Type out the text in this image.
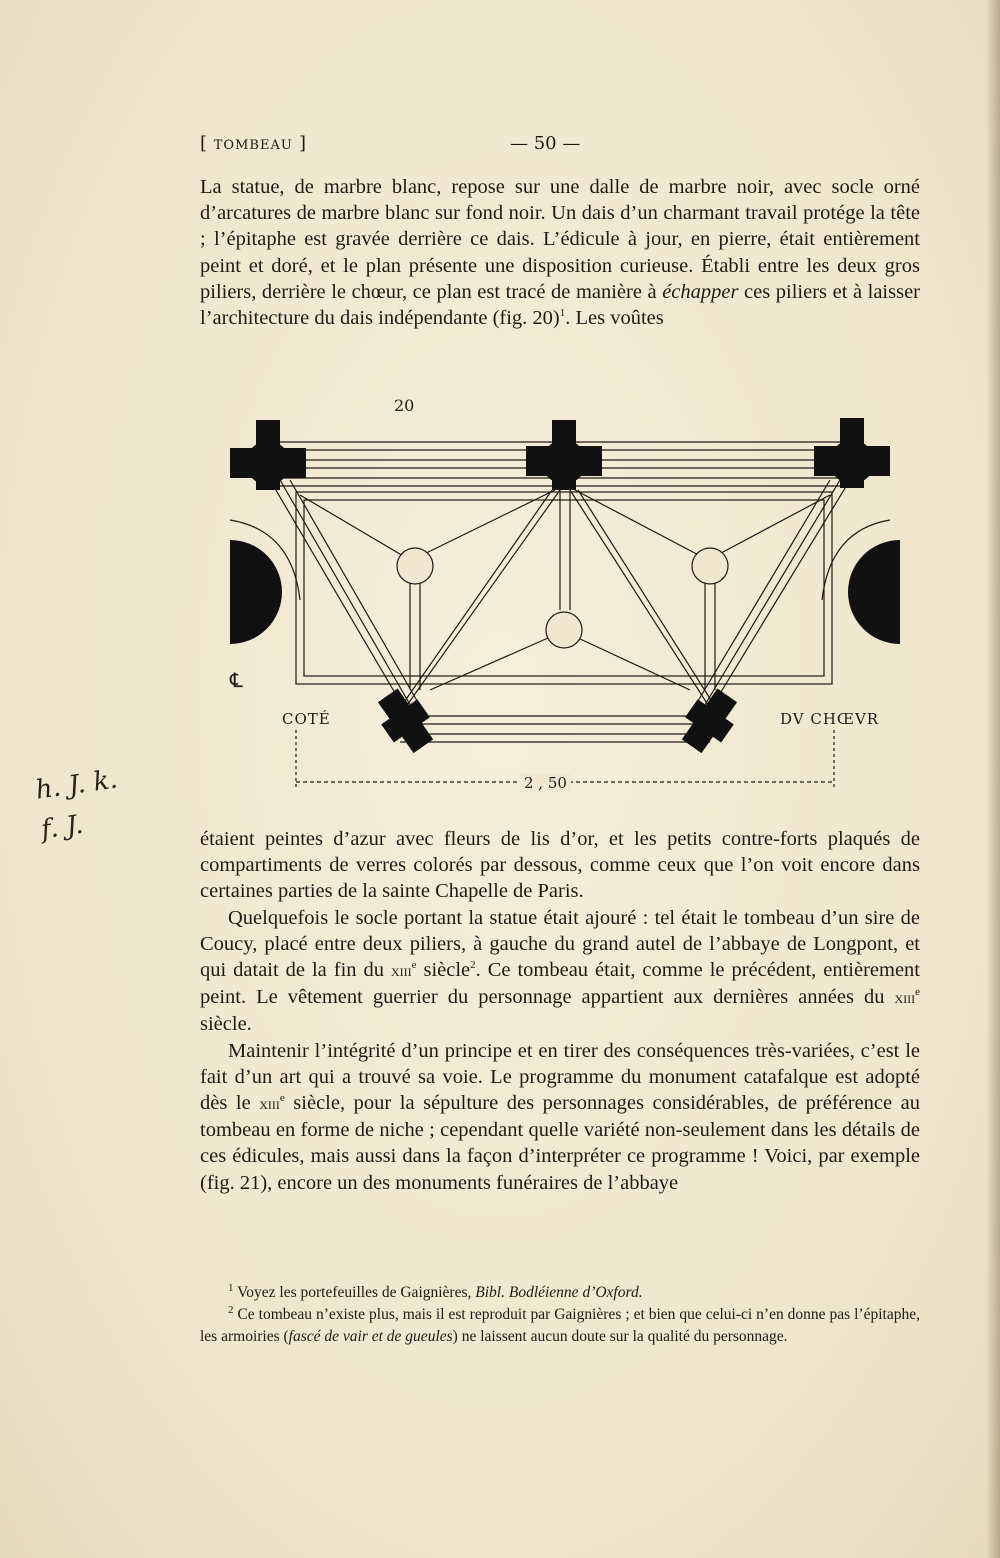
[ TOMBEAU ]	— 50 —

La statue, de marbre blanc, repose sur une dalle de marbre noir, avec socle orné d’arcatures de marbre blanc sur fond noir. Un dais d’un charmant travail protége la tête ; l’épitaphe est gravée derrière ce dais. L’édicule à jour, en pierre, était entièrement peint et doré, et le plan présente une disposition curieuse. Établi entre les deux gros piliers, derrière le chœur, ce plan est tracé de manière à échapper ces piliers et à laisser l’architecture du dais indépendante (fig. 20)$^1$. Les voûtes

20
℄
COTÉ	DV CHŒVR
2 , 50
h. J. k.
f. J.	étaient peintes d’azur avec fleurs de lis d’or, et les petits contre-forts plaqués de compartiments de verres colorés par dessous, comme ceux que l’on voit encore dans certaines parties de la sainte Chapelle de Paris.

Quelquefois le socle portant la statue était ajouré : tel était le tombeau d’un sire de Coucy, placé entre deux piliers, à gauche du grand autel de l’abbaye de Longpont, et qui datait de la fin du xiii$^e$ siècle$^2$. Ce tombeau était, comme le précédent, entièrement peint. Le vêtement guerrier du personnage appartient aux dernières années du xiii$^e$ siècle.

Maintenir l’intégrité d’un principe et en tirer des conséquences très-variées, c’est le fait d’un art qui a trouvé sa voie. Le programme du monument catafalque est adopté dès le xiii$^e$ siècle, pour la sépulture des personnages considérables, de préférence au tombeau en forme de niche ; cependant quelle variété non-seulement dans les détails de ces édicules, mais aussi dans la façon d’interpréter ce programme ! Voici, par exemple (fig. 21), encore un des monuments funéraires de l’abbaye

$^1$ Voyez les portefeuilles de Gaignières, Bibl. Bodléienne d’Oxford.

$^2$ Ce tombeau n’existe plus, mais il est reproduit par Gaignières ; et bien que celui-ci n’en donne pas l’épitaphe, les armoiries (fascé de vair et de gueules) ne laissent aucun doute sur la qualité du personnage.
